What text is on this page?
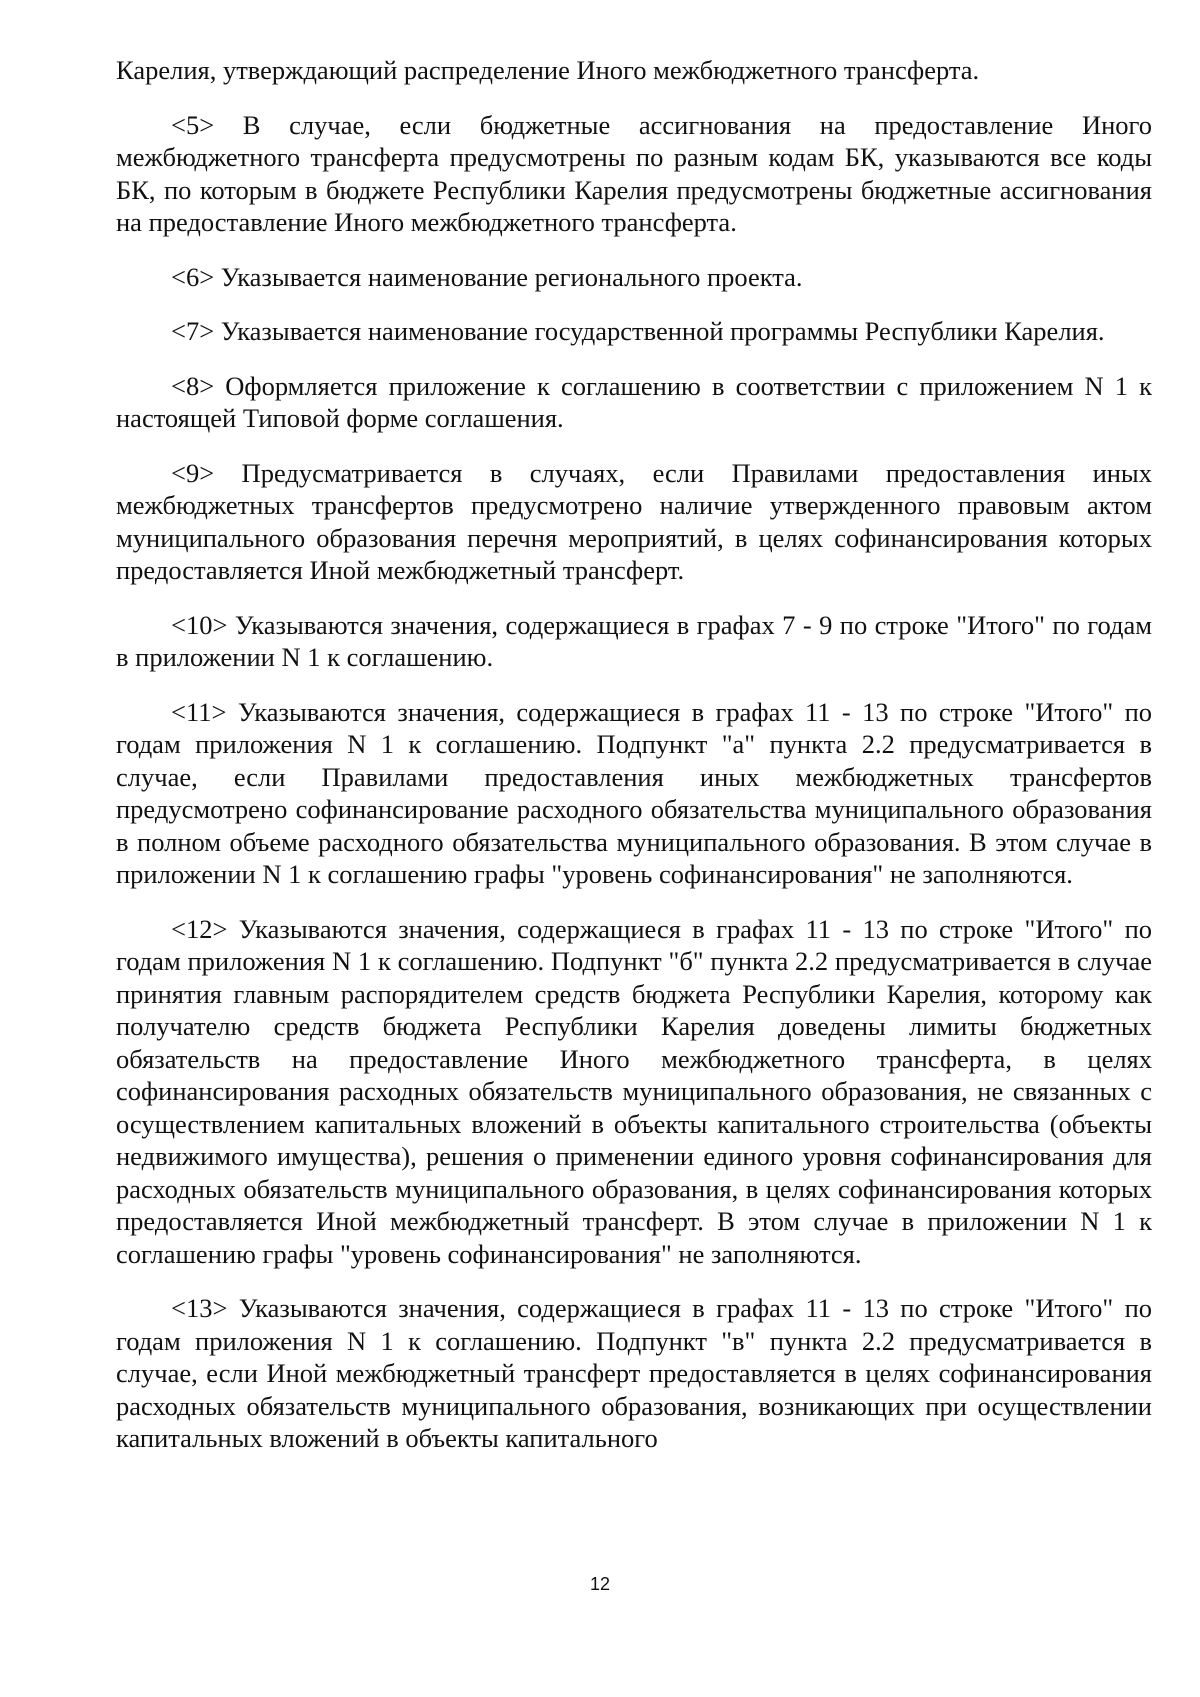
Карелия, утверждающий распределение Иного межбюджетного трансферта.

<5> В случае, если бюджетные ассигнования на предоставление Иного межбюджетного трансферта предусмотрены по разным кодам БК, указываются все коды БК, по которым в бюджете Республики Карелия предусмотрены бюджетные ассигнования на предоставление Иного межбюджетного трансферта.

<6> Указывается наименование регионального проекта.

<7> Указывается наименование государственной программы Республики Карелия.

<8> Оформляется приложение к соглашению в соответствии с приложением N 1 к настоящей Типовой форме соглашения.

<9> Предусматривается в случаях, если Правилами предоставления иных межбюджетных трансфертов предусмотрено наличие утвержденного правовым актом муниципального образования перечня мероприятий, в целях софинансирования которых предоставляется Иной межбюджетный трансферт.

<10> Указываются значения, содержащиеся в графах 7 - 9 по строке "Итого" по годам в приложении N 1 к соглашению.

<11> Указываются значения, содержащиеся в графах 11 - 13 по строке "Итого" по годам приложения N 1 к соглашению. Подпункт "а" пункта 2.2 предусматривается в случае, если Правилами предоставления иных межбюджетных трансфертов предусмотрено софинансирование расходного обязательства муниципального образования в полном объеме расходного обязательства муниципального образования. В этом случае в приложении N 1 к соглашению графы "уровень софинансирования" не заполняются.

<12> Указываются значения, содержащиеся в графах 11 - 13 по строке "Итого" по годам приложения N 1 к соглашению. Подпункт "б" пункта 2.2 предусматривается в случае принятия главным распорядителем средств бюджета Республики Карелия, которому как получателю средств бюджета Республики Карелия доведены лимиты бюджетных обязательств на предоставление Иного межбюджетного трансферта, в целях софинансирования расходных обязательств муниципального образования, не связанных с осуществлением капитальных вложений в объекты капитального строительства (объекты недвижимого имущества), решения о применении единого уровня софинансирования для расходных обязательств муниципального образования, в целях софинансирования которых предоставляется Иной межбюджетный трансферт. В этом случае в приложении N 1 к соглашению графы "уровень софинансирования" не заполняются.

<13> Указываются значения, содержащиеся в графах 11 - 13 по строке "Итого" по годам приложения N 1 к соглашению. Подпункт "в" пункта 2.2 предусматривается в случае, если Иной межбюджетный трансферт предоставляется в целях софинансирования расходных обязательств муниципального образования, возникающих при осуществлении капитальных вложений в объекты капитального

12
